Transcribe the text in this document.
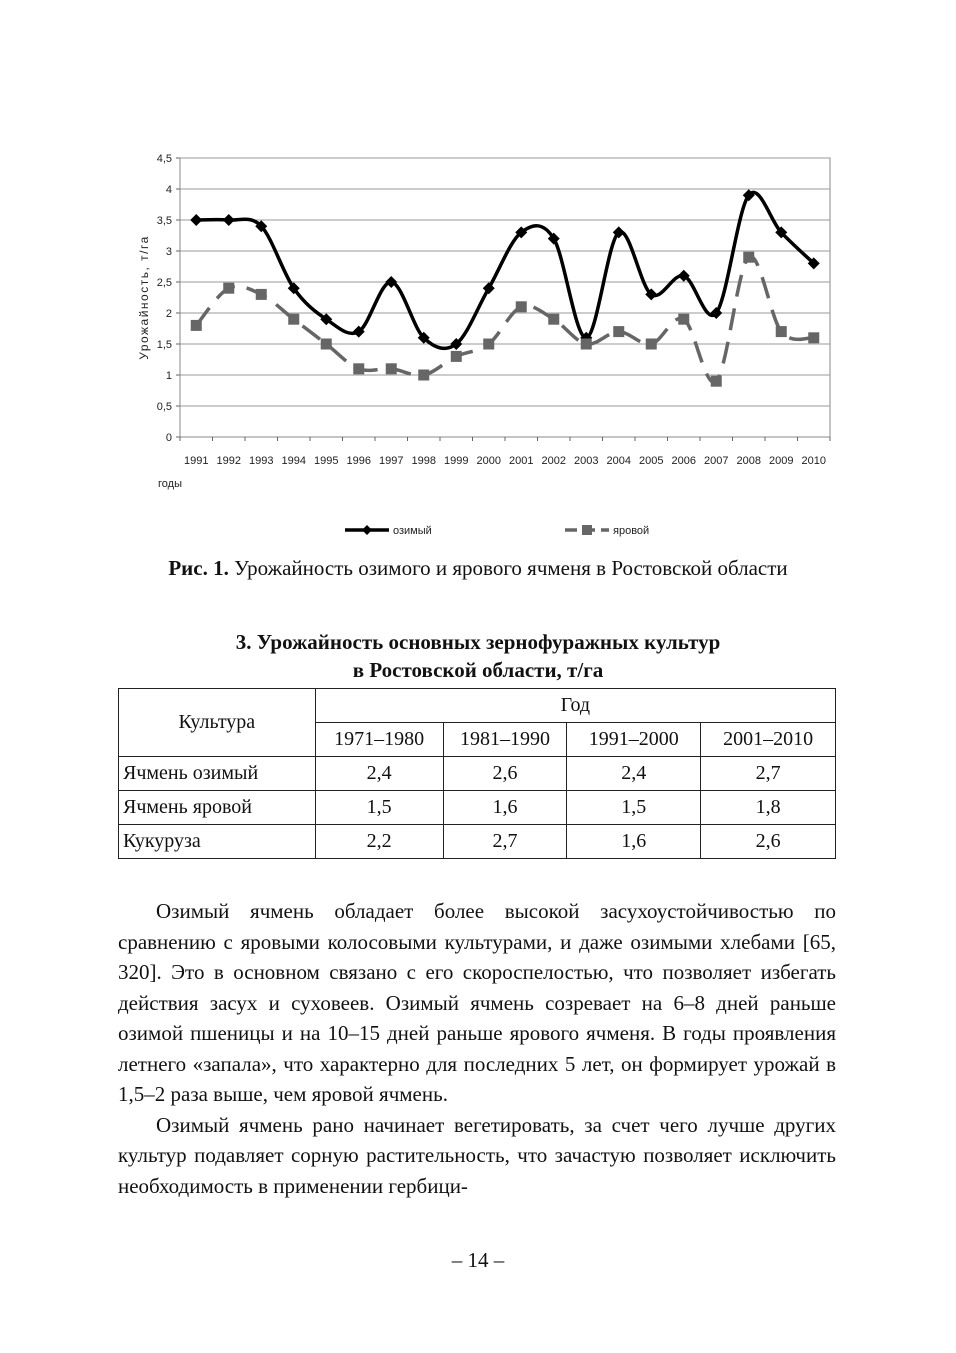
0
0,5
1
1,5
2
2,5
3
3,5
4
4,5
1991 1992 1993 1994 1995 1996 1997 1998 1999 2000 2001 2002 2003 2004 2005 2006 2007 2008 2009 2010
Урожайность, т/га
годы
озимый	яровой
Рис. 1. Урожайность озимого и ярового ячменя в Ростовской области
3. Урожайность основных зернофуражных культур
в Ростовской области, т/га
Культура	Год			
	1971–1980	1981–1990	1991–2000	2001–2010
Ячмень озимый	2,4	2,6	2,4	2,7
Ячмень яровой	1,5	1,6	1,5	1,8
Кукуруза	2,2	2,7	1,6	2,6

Озимый ячмень обладает более высокой засухоустойчивостью по сравнению с яровыми колосовыми культурами, и даже озимыми хлебами [65, 320]. Это в основном связано с его скороспелостью, что позволяет избегать действия засух и суховеев. Озимый ячмень созревает на 6–8 дней раньше озимой пшеницы и на 10–15 дней раньше ярового ячменя. В годы проявления летнего «запала», что характерно для последних 5 лет, он формирует урожай в 1,5–2 раза выше, чем яровой ячмень.

Озимый ячмень рано начинает вегетировать, за счет чего лучше других культур подавляет сорную растительность, что зачастую позволяет исключить необходимость в применении гербици-

– 14 –
